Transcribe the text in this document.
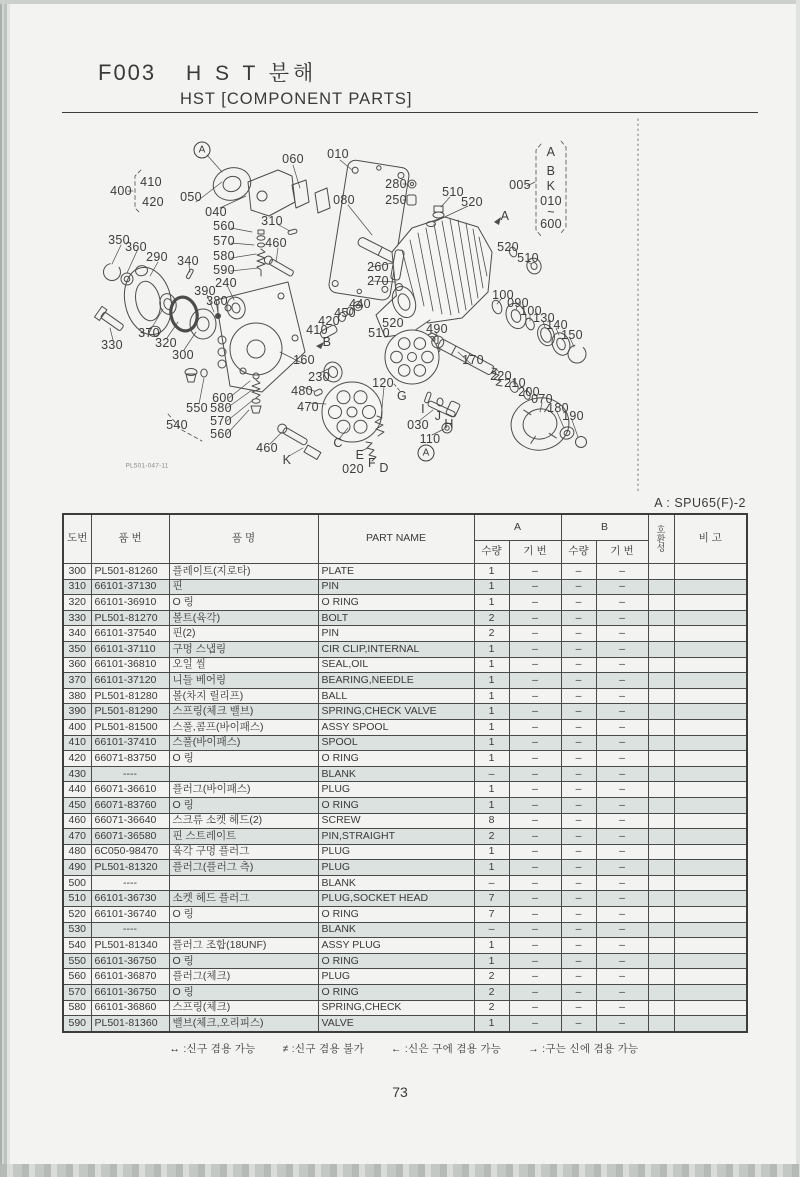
F003 H S T 분해
HST [COMPONENT PARTS]
A
410
400
420 050
040
060 010
080
310
280
250
510
520
005
A
B
K
010
~
600
A
560
570
580
590
460
350
360
290 340
240
390
380
520
510
260
270
440
450
420
410	520
510
330
370
320
300
100
090
100
130
140
150
490
160
230
480
470
B
600
550 580
570
540
560
460
K
120
170
220
210
200
070
180
190
030
110
A
G
I J
H
C
E
020 F D
PL501-047-11
A : SPU65(F)-2
도번	품 번	품 명	PART NAME	A		B		호환성	비 고
				수량	기 번	수량	기 번		
300	PL501-81260	플레이트(지로타)	PLATE	1	–	–	–		
310	66101-37130	핀	PIN	1	–	–	–		
320	66101-36910	O 링	O RING	1	–	–	–		
330	PL501-81270	볼트(육각)	BOLT	2	–	–	–		
340	66101-37540	핀(2)	PIN	2	–	–	–		
350	66101-37110	구멍 스냅링	CIR CLIP,INTERNAL	1	–	–	–		
360	66101-36810	오일 씰	SEAL,OIL	1	–	–	–		
370	66101-37120	니들 베어링	BEARING,NEEDLE	1	–	–	–		
380	PL501-81280	볼(차지 릴리프)	BALL	1	–	–	–		
390	PL501-81290	스프링(체크 밸브)	SPRING,CHECK VALVE	1	–	–	–		
400	PL501-81500	스풀,콤프(바이패스)	ASSY SPOOL	1	–	–	–		
410	66101-37410	스풀(바이패스)	SPOOL	1	–	–	–		
420	66071-83750	O 링	O RING	1	–	–	–		
430	----		BLANK	–	–	–	–		
440	66071-36610	플러그(바이패스)	PLUG	1	–	–	–		
450	66071-83760	O 링	O RING	1	–	–	–		
460	66071-36640	스크류 소켓 헤드(2)	SCREW	8	–	–	–		
470	66071-36580	핀 스트레이트	PIN,STRAIGHT	2	–	–	–		
480	6C050-98470	육각 구멍 플러그	PLUG	1	–	–	–		
490	PL501-81320	플러그(플러그 측)	PLUG	1	–	–	–		
500	----		BLANK	–	–	–	–		
510	66101-36730	소켓 헤드 플러그	PLUG,SOCKET HEAD	7	–	–	–		
520	66101-36740	O 링	O RING	7	–	–	–		
530	----		BLANK	–	–	–	–		
540	PL501-81340	플러그 조합(18UNF)	ASSY PLUG	1	–	–	–		
550	66101-36750	O 링	O RING	1	–	–	–		
560	66101-36870	플러그(체크)	PLUG	2	–	–	–		
570	66101-36750	O 링	O RING	2	–	–	–		
580	66101-36860	스프링(체크)	SPRING,CHECK	2	–	–	–		
590	PL501-81360	밸브(체크,오리피스)	VALVE	1	–	–	–		
↔ :신구 겸용 가능	≠ :신구 겸용 불가	← :신은 구에 겸용 가능	→ :구는 신에 겸용 가능
73
